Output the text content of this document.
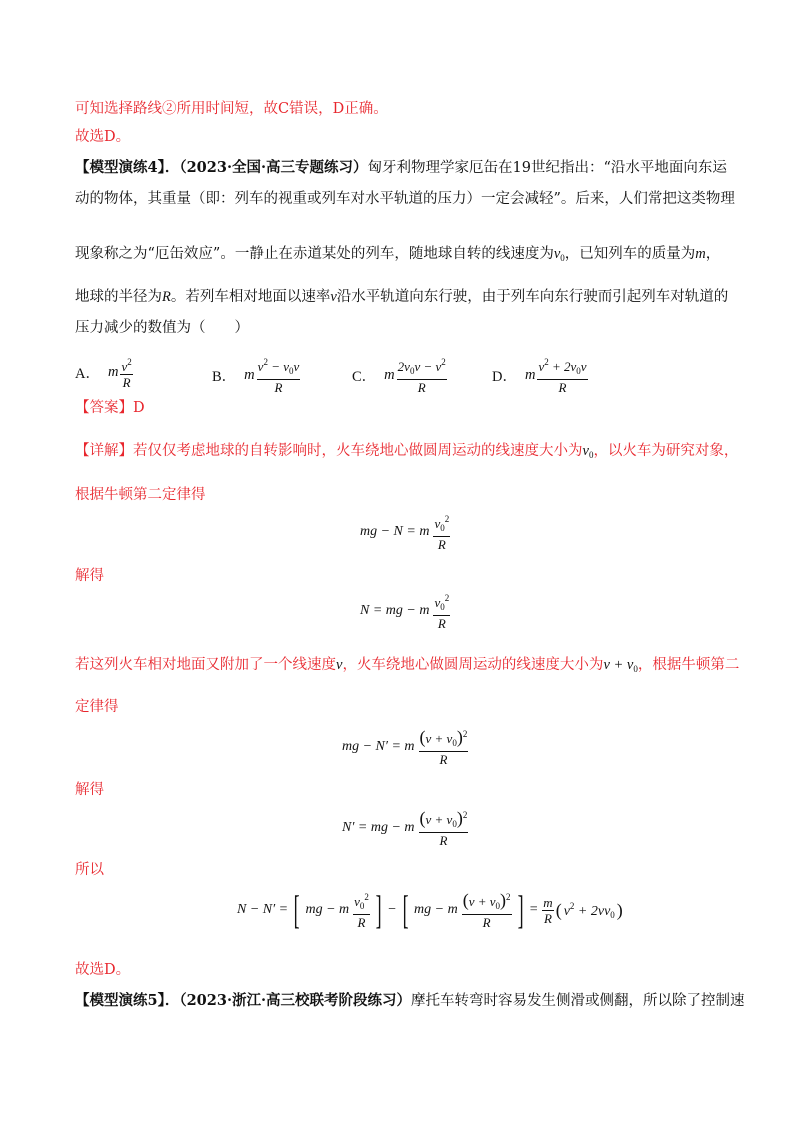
可知选择路线②所用时间短，故C错误，D正确。
故选D。
【模型演练4】．（2023·全国·高三专题练习）匈牙利物理学家厄缶在19世纪指出：“沿水平地面向东运
动的物体，其重量（即：列车的视重或列车对水平轨道的压力）一定会减轻”。后来，人们常把这类物理
现象称之为“厄缶效应”。一静止在赤道某处的列车，随地球自转的线速度为$v_0$，已知列车的质量为m，
地球的半径为R。若列车相对地面以速率v沿水平轨道向东行驶，由于列车向东行驶而引起列车对轨道的
压力减少的数值为（　　）
A． m $\frac{v^2}{R}$	B． m $\frac{v^2 - v_0v}{R}$	C． m $\frac{2v_0v - v^2}{R}$	D． m $\frac{v^2 + 2v_0v}{R}$
【答案】D
【详解】若仅仅考虑地球的自转影响时，火车绕地心做圆周运动的线速度大小为$v_0$，以火车为研究对象，
根据牛顿第二定律得
mg − N = m $\frac{v_0^2}{R}$
解得
N = mg − m $\frac{v_0^2}{R}$
若这列火车相对地面又附加了一个线速度v，火车绕地心做圆周运动的线速度大小为$v + v_0$，根据牛顿第二
定律得
mg − N′ = m $\frac{(v + v_0)^2}{R}$
解得
N′ = mg − m $\frac{(v + v_0)^2}{R}$
所以
N − N′ = [ mg − m $\frac{v_0^2}{R}$ ] − [ mg − m $\frac{(v + v_0)^2}{R}$ ] = $\frac{m}{R}$ ( $v^2 + 2vv_0$ )
故选D。
【模型演练5】．（2023·浙江·高三校联考阶段练习）摩托车转弯时容易发生侧滑或侧翻，所以除了控制速
